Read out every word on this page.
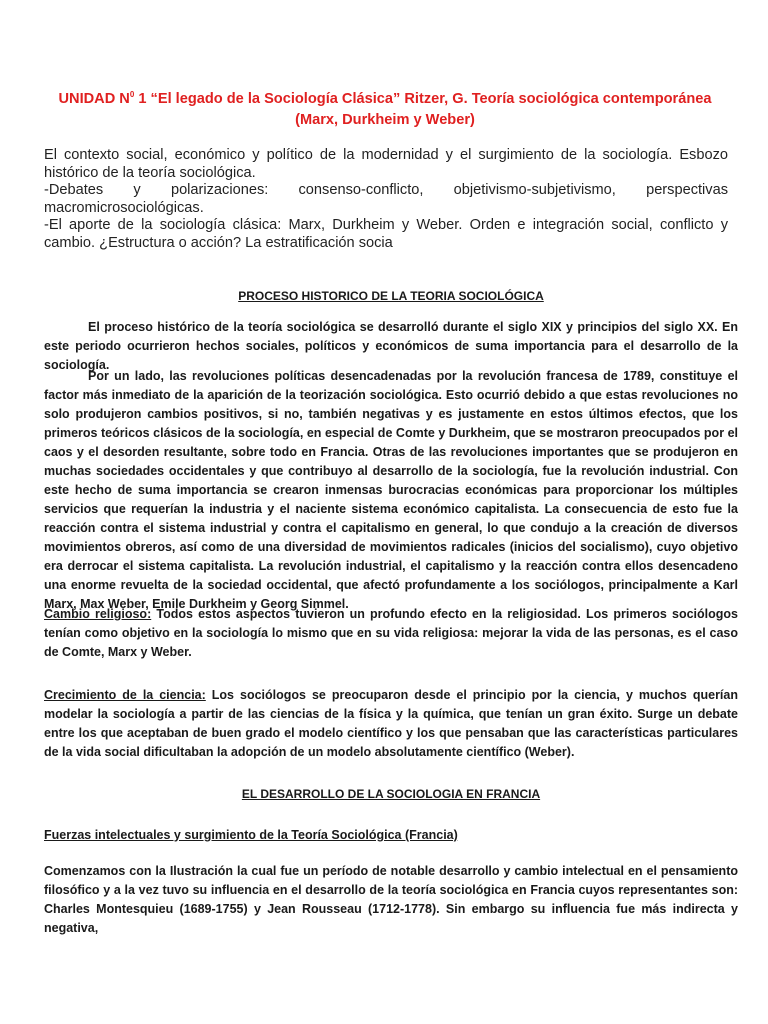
UNIDAD $N^0$ 1 “El legado de la Sociología Clásica” Ritzer, G. Teoría sociológica contemporánea
(Marx, Durkheim y Weber)

El contexto social, económico y político de la modernidad y el surgimiento de la sociología. Esbozo histórico de la teoría sociológica.

-Debates y polarizaciones: consenso-conflicto, objetivismo-subjetivismo, perspectivas

macromicrosociológicas.

-El aporte de la sociología clásica: Marx, Durkheim y Weber. Orden e integración social, conflicto y cambio. ¿Estructura o acción? La estratificación socia

PROCESO HISTORICO DE LA TEORIA SOCIOLÓGICA

El proceso histórico de la teoría sociológica se desarrolló durante el siglo XIX y principios del siglo XX. En este periodo ocurrieron hechos sociales, políticos y económicos de suma importancia para el desarrollo de la sociología.

Por un lado, las revoluciones políticas desencadenadas por la revolución francesa de 1789, constituye el factor más inmediato de la aparición de la teorización sociológica. Esto ocurrió debido a que estas revoluciones no solo produjeron cambios positivos, si no, también negativas y es justamente en estos últimos efectos, que los primeros teóricos clásicos de la sociología, en especial de Comte y Durkheim, que se mostraron preocupados por el caos y el desorden resultante, sobre todo en Francia. Otras de las revoluciones importantes que se produjeron en muchas sociedades occidentales y que contribuyo al desarrollo de la sociología, fue la revolución industrial. Con este hecho de suma importancia se crearon inmensas burocracias económicas para proporcionar los múltiples servicios que requerían la industria y el naciente sistema económico capitalista. La consecuencia de esto fue la reacción contra el sistema industrial y contra el capitalismo en general, lo que condujo a la creación de diversos movimientos obreros, así como de una diversidad de movimientos radicales (inicios del socialismo), cuyo objetivo era derrocar el sistema capitalista. La revolución industrial, el capitalismo y la reacción contra ellos desencadeno una enorme revuelta de la sociedad occidental, que afectó profundamente a los sociólogos, principalmente a Karl Marx, Max Weber, Emile Durkheim y Georg Simmel.

Cambio religioso: Todos estos aspectos tuvieron un profundo efecto en la religiosidad. Los primeros sociólogos tenían como objetivo en la sociología lo mismo que en su vida religiosa: mejorar la vida de las personas, es el caso de Comte, Marx y Weber.

Crecimiento de la ciencia: Los sociólogos se preocuparon desde el principio por la ciencia, y muchos querían modelar la sociología a partir de las ciencias de la física y la química, que tenían un gran éxito. Surge un debate entre los que aceptaban de buen grado el modelo científico y los que pensaban que las características particulares de la vida social dificultaban la adopción de un modelo absolutamente científico (Weber).

EL DESARROLLO DE LA SOCIOLOGIA EN FRANCIA
Fuerzas intelectuales y surgimiento de la Teoría Sociológica (Francia)

Comenzamos con la Ilustración la cual fue un período de notable desarrollo y cambio intelectual en el pensamiento filosófico y a la vez tuvo su influencia en el desarrollo de la teoría sociológica en Francia cuyos representantes son: Charles Montesquieu (1689-1755) y Jean Rousseau (1712-1778). Sin embargo su influencia fue más indirecta y negativa,
